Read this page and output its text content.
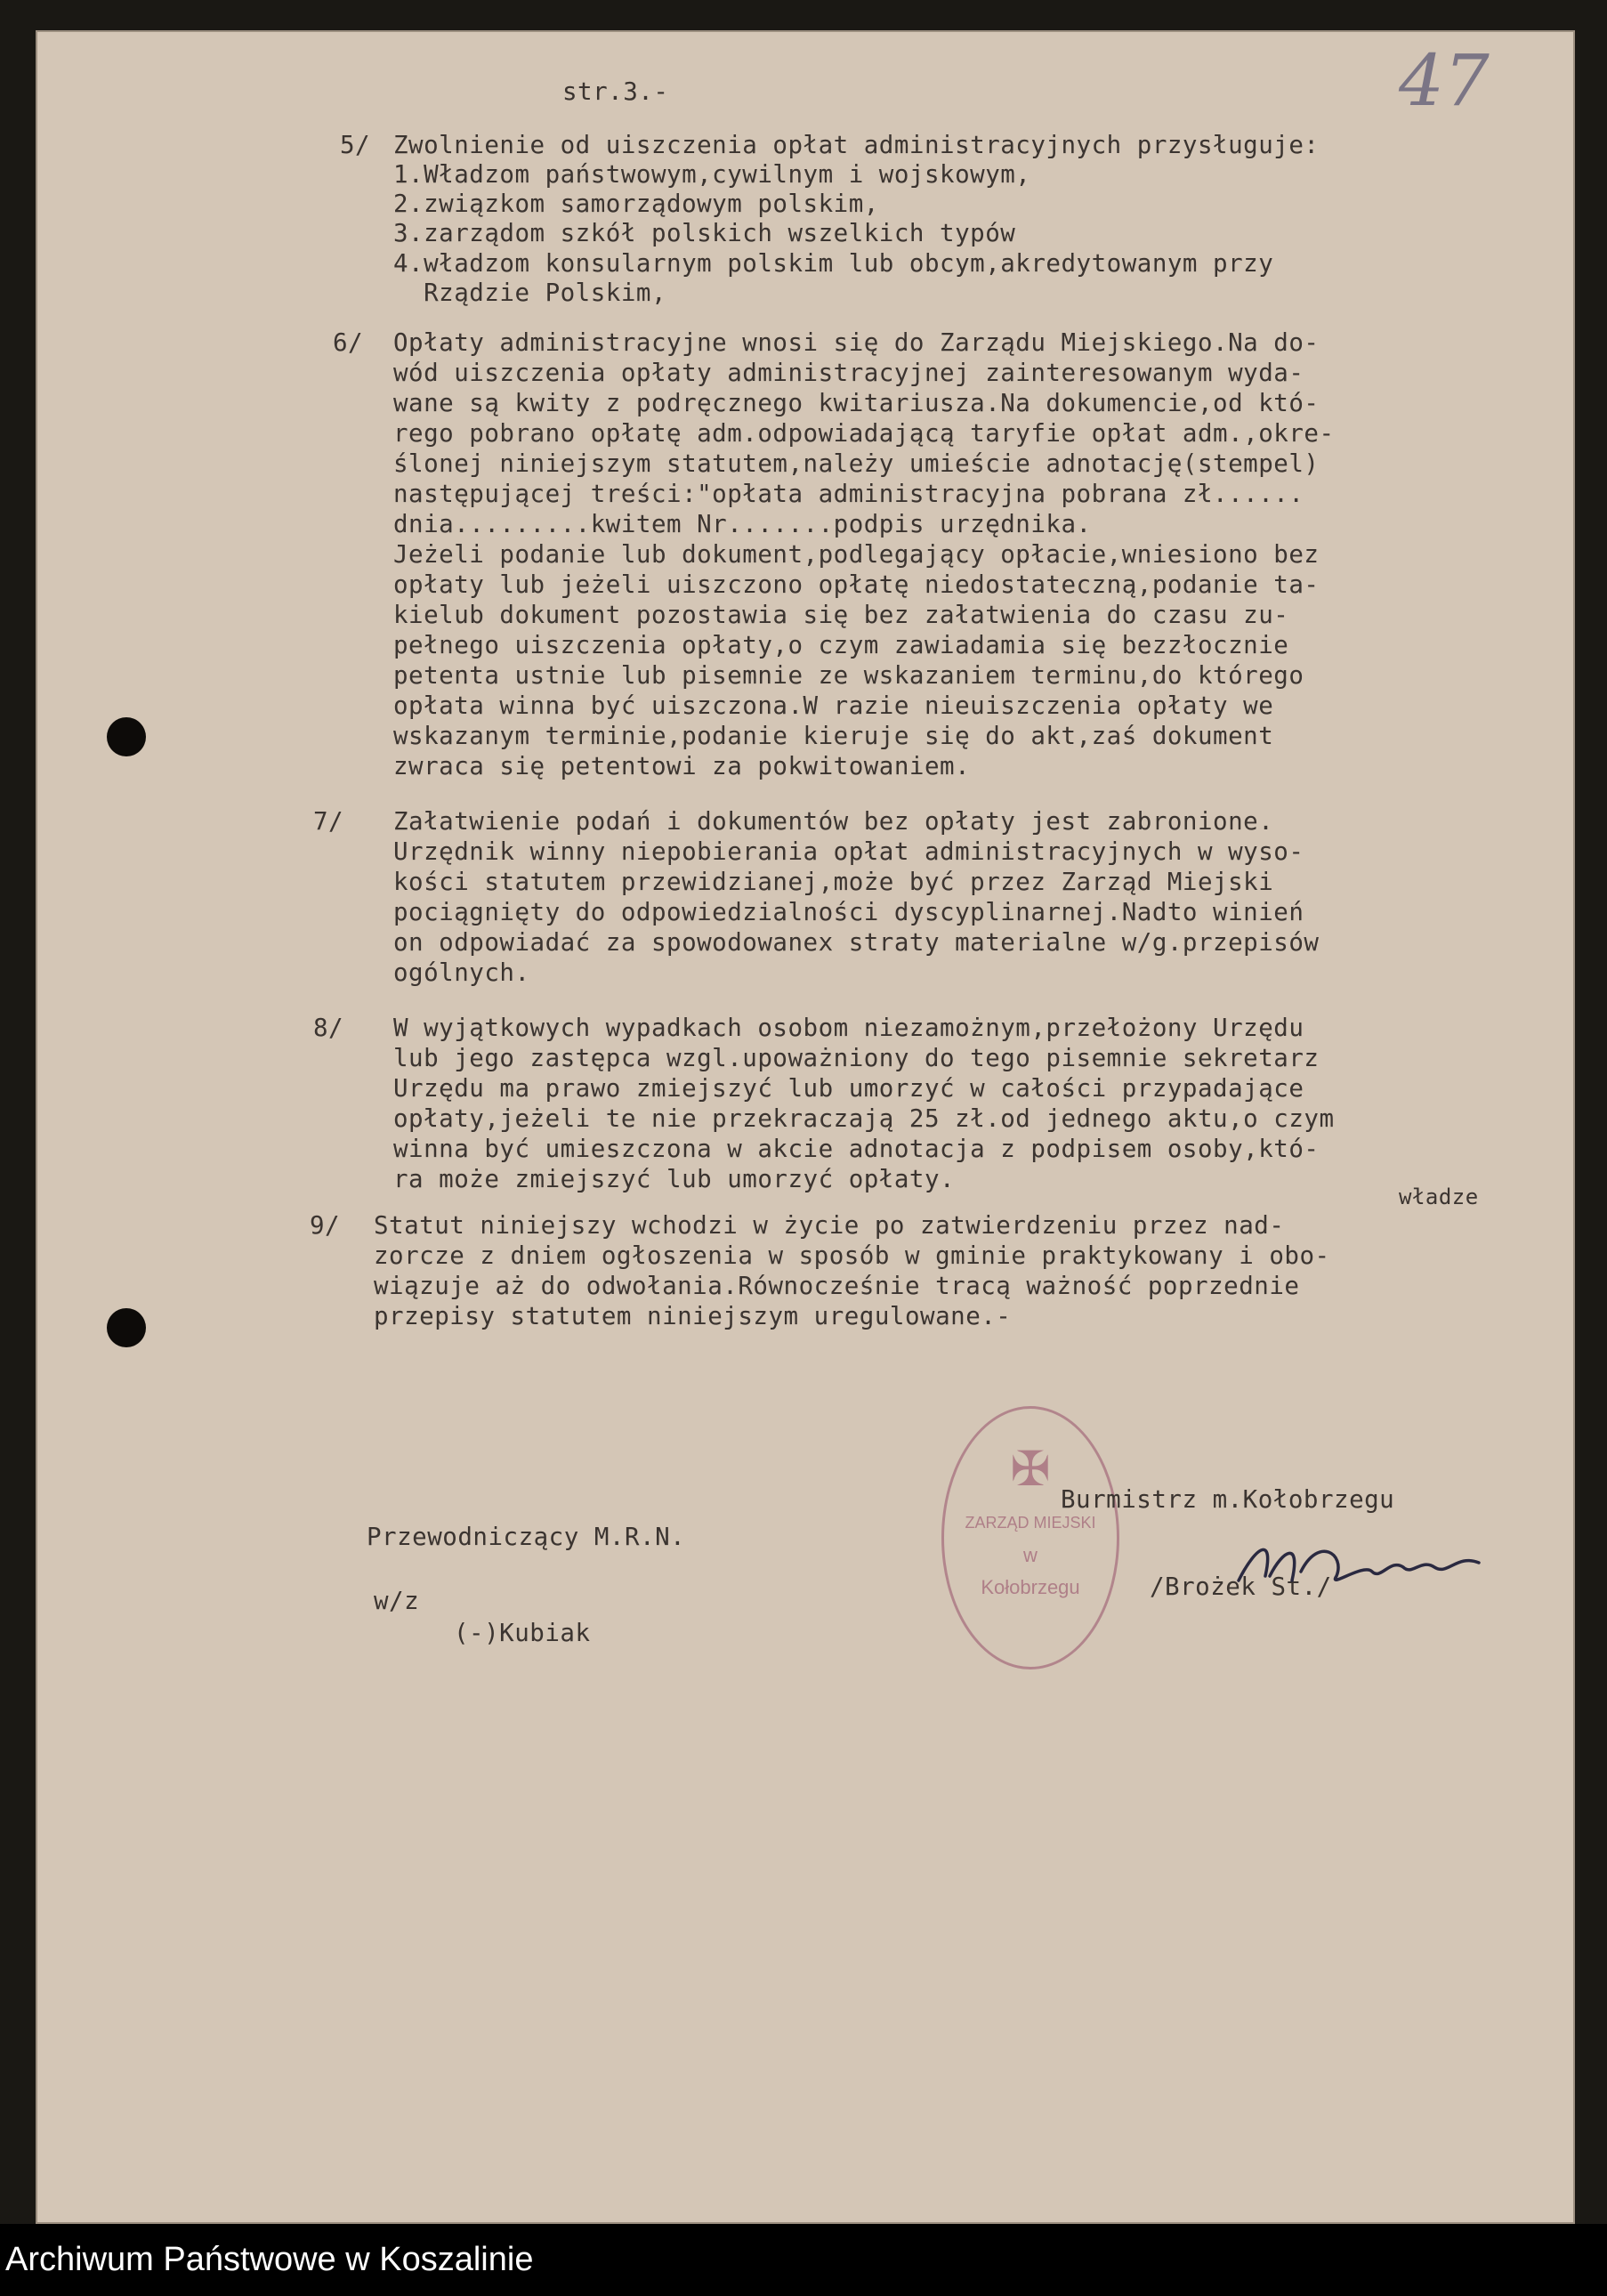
str.3.-	47
5/ Zwolnienie od uiszczenia opłat administracyjnych przysługuje:
1.Władzom państwowym,cywilnym i wojskowym,
2.związkom samorządowym polskim,
3.zarządom szkół polskich wszelkich typów
4.władzom konsularnym polskim lub obcym,akredytowanym przy
Rządzie Polskim,
6/ Opłaty administracyjne wnosi się do Zarządu Miejskiego.Na do-
wód uiszczenia opłaty administracyjnej zainteresowanym wyda-
wane są kwity z podręcznego kwitariusza.Na dokumencie,od któ-
rego pobrano opłatę adm.odpowiadającą taryfie opłat adm.,okre-
ślonej niniejszym statutem,należy umieście adnotację(stempel)
następującej treści:"opłata administracyjna pobrana zł......
dnia.........kwitem Nr.......podpis urzędnika.
Jeżeli podanie lub dokument,podlegający opłacie,wniesiono bez
opłaty lub jeżeli uiszczono opłatę niedostateczną,podanie ta-
kielub dokument pozostawia się bez załatwienia do czasu zu-
pełnego uiszczenia opłaty,o czym zawiadamia się bezzłocznie
petenta ustnie lub pisemnie ze wskazaniem terminu,do którego
opłata winna być uiszczona.W razie nieuiszczenia opłaty we
wskazanym terminie,podanie kieruje się do akt,zaś dokument
zwraca się petentowi za pokwitowaniem.
7/ Załatwienie podań i dokumentów bez opłaty jest zabronione.
Urzędnik winny niepobierania opłat administracyjnych w wyso-
kości statutem przewidzianej,może być przez Zarząd Miejski
pociągnięty do odpowiedzialności dyscyplinarnej.Nadto winień
on odpowiadać za spowodowanex straty materialne w/g.przepisów
ogólnych.
8/ W wyjątkowych wypadkach osobom niezamożnym,przełożony Urzędu
lub jego zastępca wzgl.upoważniony do tego pisemnie sekretarz
Urzędu ma prawo zmiejszyć lub umorzyć w całości przypadające
opłaty,jeżeli te nie przekraczają 25 zł.od jednego aktu,o czym
winna być umieszczona w akcie adnotacja z podpisem osoby,któ-
ra może zmiejszyć lub umorzyć opłaty.
władze
9/ Statut niniejszy wchodzi w życie po zatwierdzeniu przez nad-
zorcze z dniem ogłoszenia w sposób w gminie praktykowany i obo-
wiązuje aż do odwołania.Równocześnie tracą ważność poprzednie
przepisy statutem niniejszym uregulowane.-
✠
ZARZĄD MIEJSKI
w
Kołobrzegu
Przewodniczący M.R.N.
w/z
(-)Kubiak
Burmistrz m.Kołobrzegu
/Brożek St./
Archiwum Państwowe w Koszalinie
